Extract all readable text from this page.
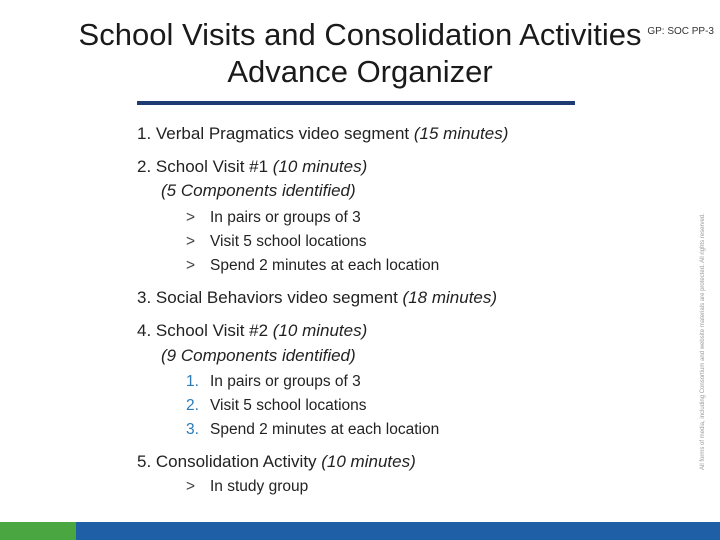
GP: SOC PP-3
School Visits and Consolidation Activities
Advance Organizer
1. Verbal Pragmatics video segment (15 minutes)
2. School Visit #1 (10 minutes)
(5 Components identified)
> In pairs or groups of 3
> Visit 5 school locations
> Spend 2 minutes at each location
3. Social Behaviors video segment (18 minutes)
4. School Visit #2 (10 minutes)
(9 Components identified)
1. In pairs or groups of 3
2. Visit 5 school locations
3. Spend 2 minutes at each location
5. Consolidation Activity (10 minutes)
> In study group
All forms of media, including Consortium and website materials are protected. All rights reserved.
